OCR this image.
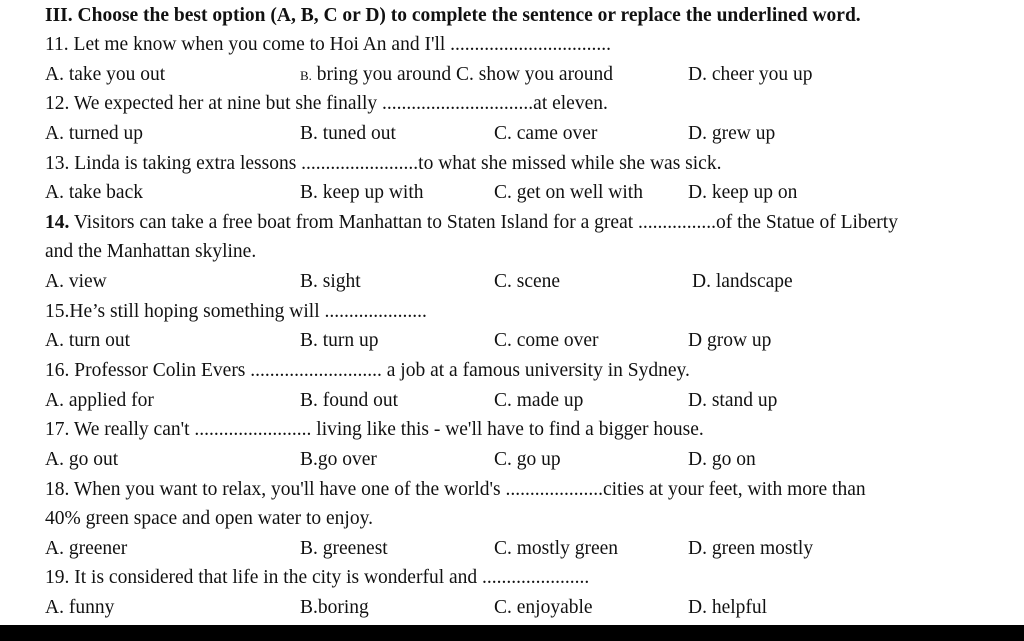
III. Choose the best option (A, B, C or D) to complete the sentence or replace the underlined word.
11. Let me know when you come to Hoi An and I'll .................................
A. take you out	B. bring you around C. show you around	D. cheer you up
12. We expected her at nine but she finally ...............................at eleven.
A. turned up	B. tuned out	C. came over	D. grew up
13. Linda is taking extra lessons ........................to what she missed while she was sick.
A. take back	B. keep up with	C. get on well with D. keep up on
14. Visitors can take a free boat from Manhattan to Staten Island for a great ................of the Statue of Liberty
and the Manhattan skyline.
A. view	B. sight	C. scene	D. landscape
15.He’s still hoping something will .....................
A. turn out	B. turn up	C. come over	D grow up
16. Professor Colin Evers ........................... a job at a famous university in Sydney.
A. applied for	B. found out	C. made up	D. stand up
17. We really can't ........................ living like this - we'll have to find a bigger house.
A. go out	B.go over	C. go up	D. go on
18. When you want to relax, you'll have one of the world's ....................cities at your feet, with more than
40% green space and open water to enjoy.
A. greener	B. greenest	C. mostly green	D. green mostly
19. It is considered that life in the city is wonderful and ......................
A. funny	B.boring	C. enjoyable	D. helpful
